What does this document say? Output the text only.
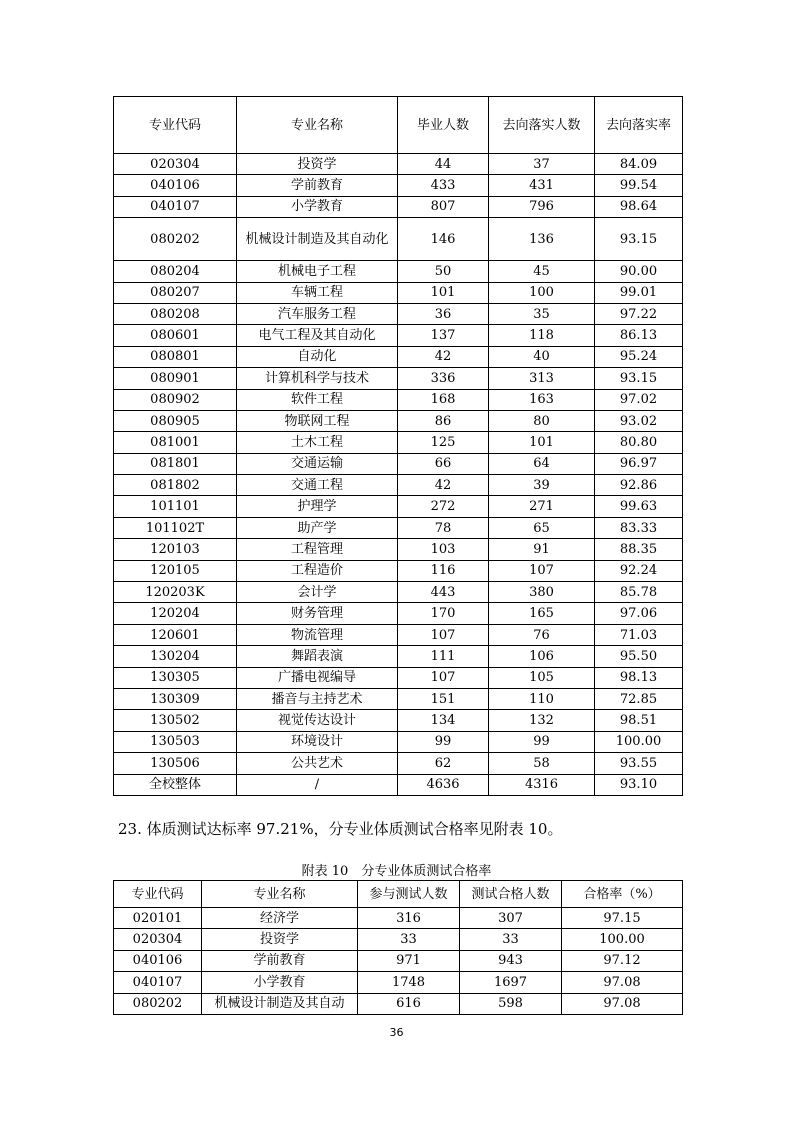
专业代码	专业名称	毕业人数	去向落实人数	去向落实率
020304	投资学	44	37	84.09
040106	学前教育	433	431	99.54
040107	小学教育	807	796	98.64
080202	机械设计制造及其自动化	146	136	93.15
080204	机械电子工程	50	45	90.00
080207	车辆工程	101	100	99.01
080208	汽车服务工程	36	35	97.22
080601	电气工程及其自动化	137	118	86.13
080801	自动化	42	40	95.24
080901	计算机科学与技术	336	313	93.15
080902	软件工程	168	163	97.02
080905	物联网工程	86	80	93.02
081001	土木工程	125	101	80.80
081801	交通运输	66	64	96.97
081802	交通工程	42	39	92.86
101101	护理学	272	271	99.63
101102T	助产学	78	65	83.33
120103	工程管理	103	91	88.35
120105	工程造价	116	107	92.24
120203K	会计学	443	380	85.78
120204	财务管理	170	165	97.06
120601	物流管理	107	76	71.03
130204	舞蹈表演	111	106	95.50
130305	广播电视编导	107	105	98.13
130309	播音与主持艺术	151	110	72.85
130502	视觉传达设计	134	132	98.51
130503	环境设计	99	99	100.00
130506	公共艺术	62	58	93.55
全校整体	/	4636	4316	93.10

23. 体质测试达标率 97.21%，分专业体质测试合格率见附表 10。

附表 10　分专业体质测试合格率

专业代码	专业名称	参与测试人数	测试合格人数	合格率（%）
020101	经济学	316	307	97.15
020304	投资学	33	33	100.00
040106	学前教育	971	943	97.12
040107	小学教育	1748	1697	97.08
080202	机械设计制造及其自动	616	598	97.08

36
